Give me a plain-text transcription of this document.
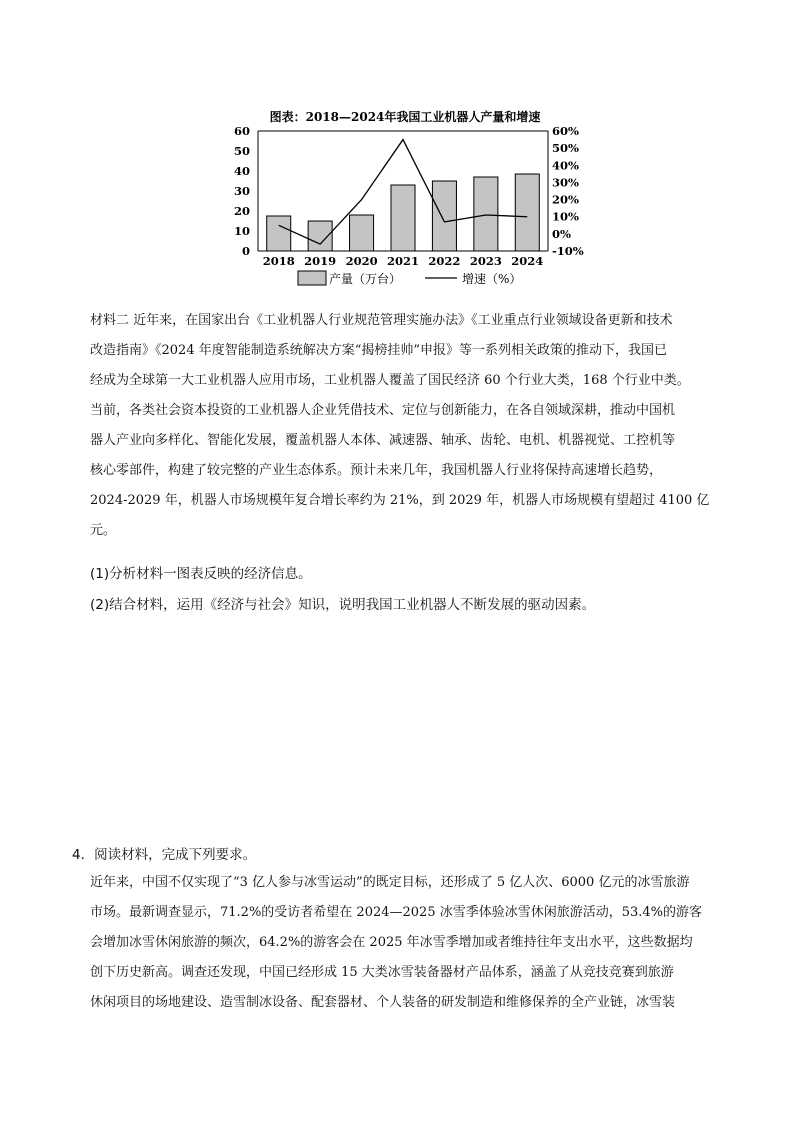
图表：2018—2024年我国工业机器人产量和增速
0
10
20
30
40
50
60
-10%
0%
10%
20%
30%
40%
50%
60%
2018 2019 2020 2021 2022 2023 2024
产量（万台）	增速（%）

材料二 近年来，在国家出台《工业机器人行业规范管理实施办法》《工业重点行业领域设备更新和技术

改造指南》《2024 年度智能制造系统解决方案“揭榜挂帅”申报》等一系列相关政策的推动下，我国已

经成为全球第一大工业机器人应用市场，工业机器人覆盖了国民经济 60 个行业大类，168 个行业中类。

当前，各类社会资本投资的工业机器人企业凭借技术、定位与创新能力，在各自领域深耕，推动中国机

器人产业向多样化、智能化发展，覆盖机器人本体、减速器、轴承、齿轮、电机、机器视觉、工控机等

核心零部件，构建了较完整的产业生态体系。预计未来几年，我国机器人行业将保持高速增长趋势，

2024-2029 年，机器人市场规模年复合增长率约为 21%，到 2029 年，机器人市场规模有望超过 4100 亿

元。

(1)分析材料一图表反映的经济信息。
(2)结合材料，运用《经济与社会》知识，说明我国工业机器人不断发展的驱动因素。
4．阅读材料，完成下列要求。

近年来，中国不仅实现了“3 亿人参与冰雪运动”的既定目标，还形成了 5 亿人次、6000 亿元的冰雪旅游

市场。最新调查显示，71.2%的受访者希望在 2024—2025 冰雪季体验冰雪休闲旅游活动，53.4%的游客

会增加冰雪休闲旅游的频次，64.2%的游客会在 2025 年冰雪季增加或者维持往年支出水平，这些数据均

创下历史新高。调查还发现，中国已经形成 15 大类冰雪装备器材产品体系，涵盖了从竞技竞赛到旅游

休闲项目的场地建设、造雪制冰设备、配套器材、个人装备的研发制造和维修保养的全产业链，冰雪装
